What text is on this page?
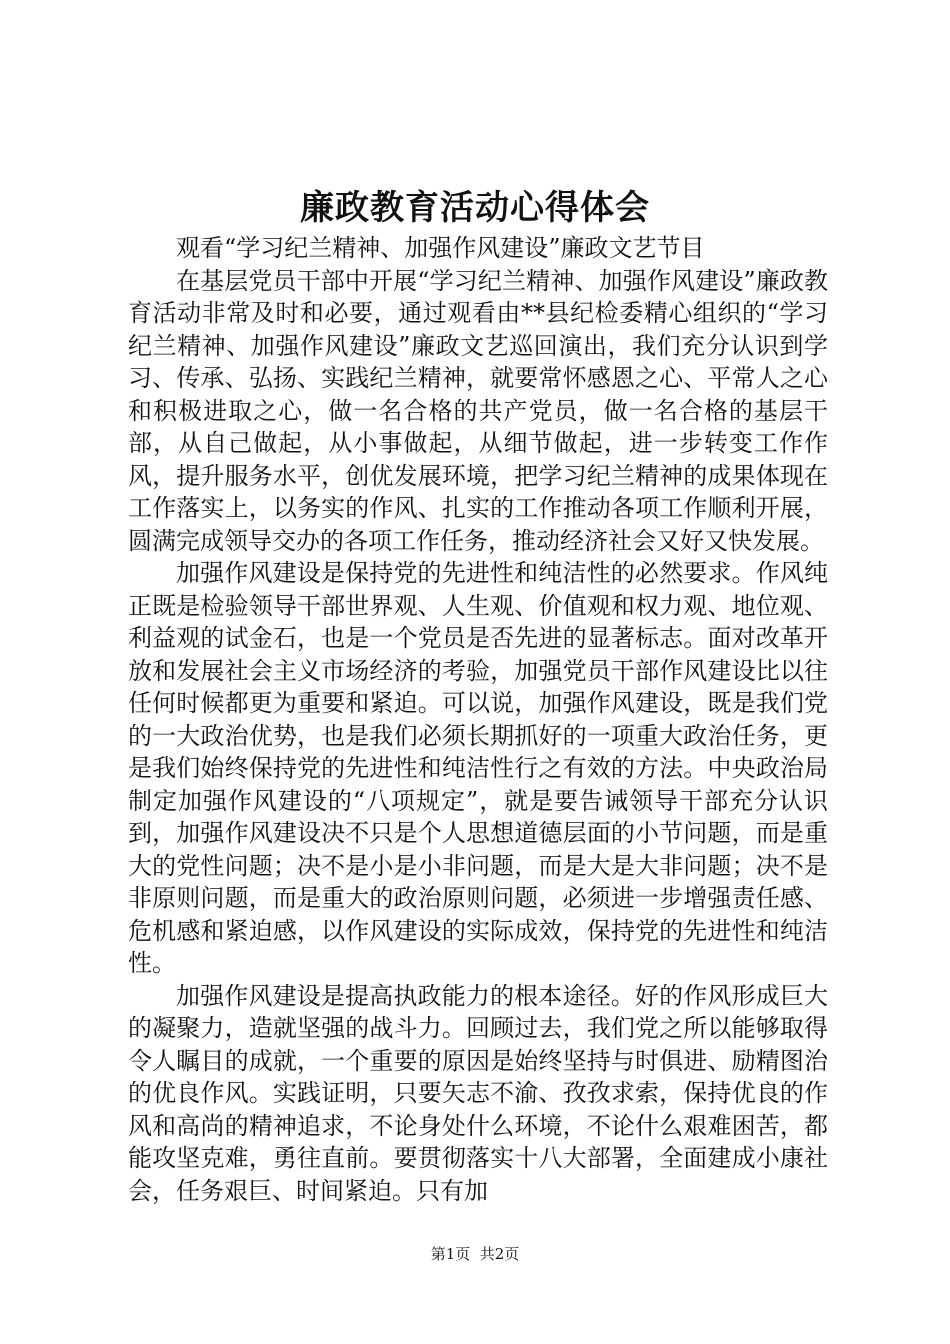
廉政教育活动心得体会

观看“学习纪兰精神、加强作风建设”廉政文艺节目

在基层党员干部中开展“学习纪兰精神、加强作风建设”廉政教育活动非常及时和必要，通过观看由**县纪检委精心组织的“学习纪兰精神、加强作风建设”廉政文艺巡回演出，我们充分认识到学习、传承、弘扬、实践纪兰精神，就要常怀感恩之心、平常人之心和积极进取之心，做一名合格的共产党员，做一名合格的基层干部，从自己做起，从小事做起，从细节做起，进一步转变工作作风，提升服务水平，创优发展环境，把学习纪兰精神的成果体现在工作落实上，以务实的作风、扎实的工作推动各项工作顺利开展，圆满完成领导交办的各项工作任务，推动经济社会又好又快发展。

加强作风建设是保持党的先进性和纯洁性的必然要求。作风纯正既是检验领导干部世界观、人生观、价值观和权力观、地位观、利益观的试金石，也是一个党员是否先进的显著标志。面对改革开放和发展社会主义市场经济的考验，加强党员干部作风建设比以往任何时候都更为重要和紧迫。可以说，加强作风建设，既是我们党的一大政治优势，也是我们必须长期抓好的一项重大政治任务，更是我们始终保持党的先进性和纯洁性行之有效的方法。中央政治局制定加强作风建设的“八项规定”，就是要告诫领导干部充分认识到，加强作风建设决不只是个人思想道德层面的小节问题，而是重大的党性问题；决不是小是小非问题，而是大是大非问题；决不是非原则问题，而是重大的政治原则问题，必须进一步增强责任感、危机感和紧迫感，以作风建设的实际成效，保持党的先进性和纯洁性。

加强作风建设是提高执政能力的根本途径。好的作风形成巨大的凝聚力，造就坚强的战斗力。回顾过去，我们党之所以能够取得令人瞩目的成就，一个重要的原因是始终坚持与时俱进、励精图治的优良作风。实践证明，只要矢志不渝、孜孜求索，保持优良的作风和高尚的精神追求，不论身处什么环境，不论什么艰难困苦，都能攻坚克难，勇往直前。要贯彻落实十八大部署，全面建成小康社会，任务艰巨、时间紧迫。只有加

第1页  共2页
